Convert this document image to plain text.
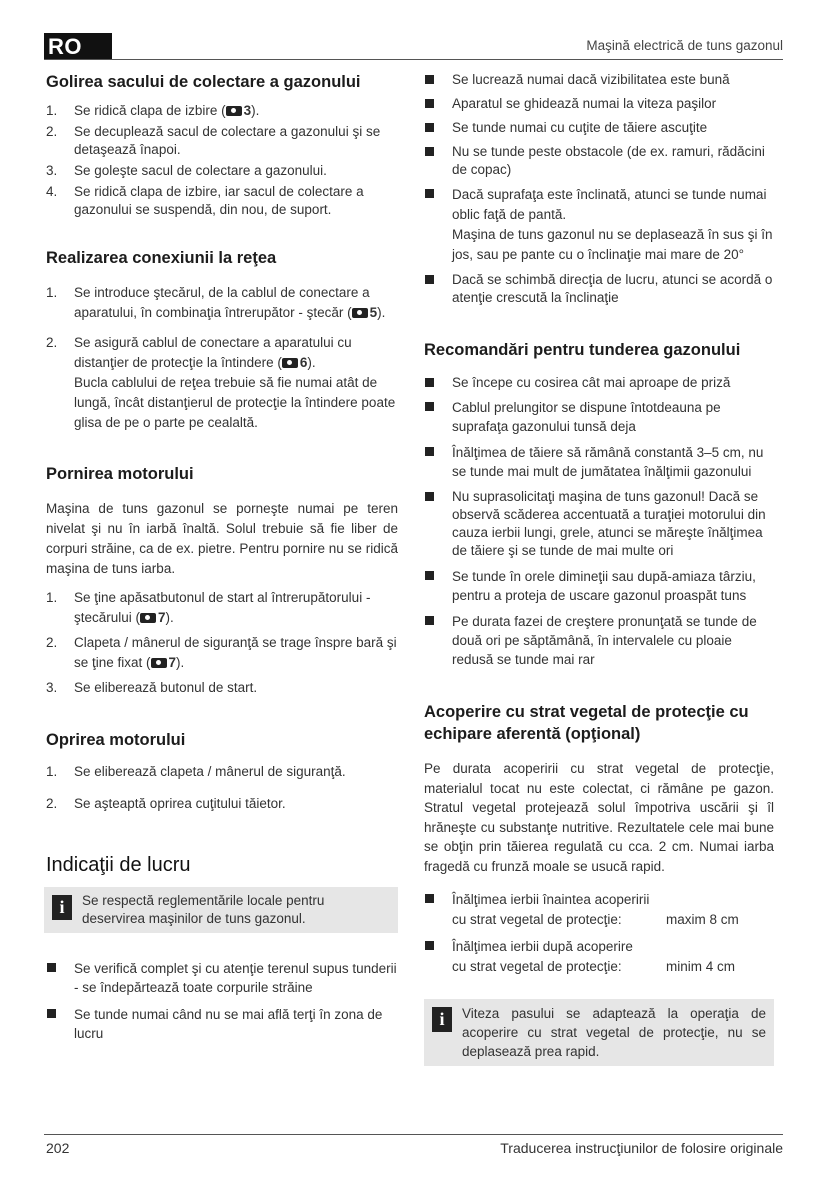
RO	Maşină electrică de tuns gazonul
Golirea sacului de colectare a gazonului
1. Se ridică clapa de izbire ( 3).
2. Se decuplează sacul de colectare a gazonului şi se detaşează înapoi.
3. Se goleşte sacul de colectare a gazonului.
4. Se ridică clapa de izbire, iar sacul de colectare a gazonului se suspendă, din nou, de suport.
Realizarea conexiunii la reţea
1. Se introduce ştecărul, de la cablul de conectare a aparatului, în combinaţia întrerupător - ştecăr ( 5).
2. Se asigură cablul de conectare a aparatului cu distanţier de protecţie la întindere ( 6).
Bucla cablului de reţea trebuie să fie numai atât de lungă, încât distanţierul de protecţie la întindere poate glisa de pe o parte pe cealaltă.
Pornirea motorului

Maşina de tuns gazonul se porneşte numai pe teren nivelat şi nu în iarbă înaltă. Solul trebuie să fie liber de corpuri străine, ca de ex. pietre. Pentru pornire nu se ridică maşina de tuns iarba.

1. Se ţine apăsatbutonul de start al întrerupătorului - ştecărului ( 7).
2. Clapeta / mânerul de siguranţă se trage înspre bară şi se ţine fixat ( 7).
3. Se eliberează butonul de start.
Oprirea motorului
1. Se eliberează clapeta / mânerul de siguranţă.
2. Se aşteaptă oprirea cuţitului tăietor.
Indicaţii de lucru
i	Se respectă reglementările locale pentru deservirea maşinilor de tuns gazonul.
Se verifică complet şi cu atenţie terenul supus tunderii - se îndepărtează toate corpurile străine
Se tunde numai când nu se mai află terţi în zona de lucru
Se lucrează numai dacă vizibilitatea este bună
Aparatul se ghidează numai la viteza paşilor
Se tunde numai cu cuţite de tăiere ascuţite
Nu se tunde peste obstacole (de ex. ramuri, rădăcini de copac)
Dacă suprafaţa este înclinată, atunci se tunde numai oblic faţă de pantă.
Maşina de tuns gazonul nu se deplasează în sus şi în jos, sau pe pante cu o înclinaţie mai mare de 20°
Dacă se schimbă direcţia de lucru, atunci se acordă o atenţie crescută la înclinaţie
Recomandări pentru tunderea gazonului
Se începe cu cosirea cât mai aproape de priză
Cablul prelungitor se dispune întotdeauna pe suprafaţa gazonului tunsă deja
Înălţimea de tăiere să rămână constantă 3–5 cm, nu se tunde mai mult de jumătatea înălţimii gazonului
Nu suprasolicitaţi maşina de tuns gazonul! Dacă se observă scăderea accentuată a turaţiei motorului din cauza ierbii lungi, grele, atunci se măreşte înălţimea de tăiere şi se tunde de mai multe ori
Se tunde în orele dimineţii sau după-amiaza târziu, pentru a proteja de uscare gazonul proaspăt tuns
Pe durata fazei de creştere pronunţată se tunde de două ori pe săptămână, în intervalele cu ploaie redusă se tunde mai rar
Acoperire cu strat vegetal de protecţie cu echipare aferentă (opţional)

Pe durata acoperirii cu strat vegetal de protecţie, materialul tocat nu este colectat, ci rămâne pe gazon. Stratul vegetal protejează solul împotriva uscării şi îl hrăneşte cu substanţe nutritive. Rezultatele cele mai bune se obţin prin tăierea regulată cu cca. 2 cm. Numai iarba fragedă cu frunză moale se usucă rapid.

Înălţimea ierbii înaintea acoperirii
cu strat vegetal de protecţie:	maxim 8 cm
Înălţimea ierbii după acoperire
cu strat vegetal de protecţie:	minim 4 cm
i	Viteza pasului se adaptează la operaţia de acoperire cu strat vegetal de protecţie, nu se deplasează prea rapid.
202	Traducerea instrucţiunilor de folosire originale
